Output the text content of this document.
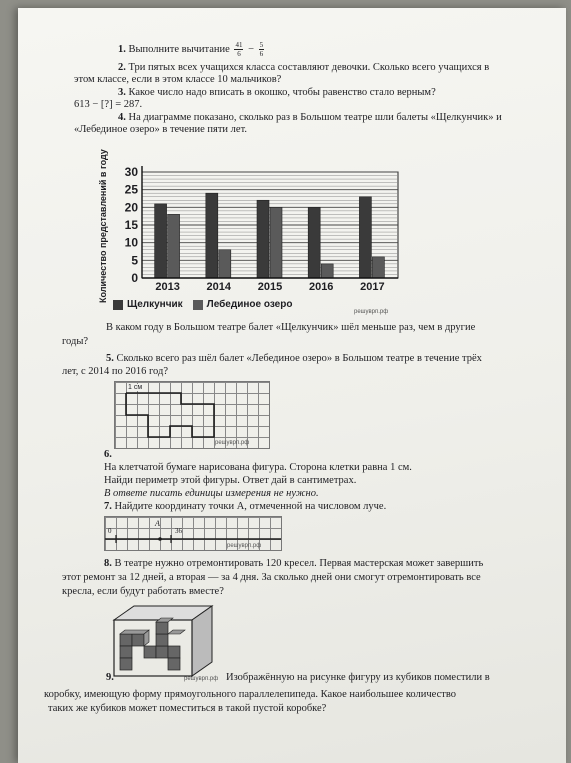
1. Выполните вычитание $\frac{41}{6} - \frac{5}{6}$
2. Три пятых всех учащихся класса составляют девочки. Сколько всего учащихся в
этом классе, если в этом классе 10 мальчиков?
3. Какое число надо вписать в окошко, чтобы равенство стало верным?
613 − [?] = 287.
4. На диаграмме показано, сколько раз в Большом театре шли балеты «Щелкунчик» и
«Лебединое озеро» в течение пяти лет.
Количество представлений в году	0
5
10
15
20
25
30
2013 2014 2015 2016 2017
Щелкунчик Лебединое озеро
решуврп.рф
В каком году в Большом театре балет «Щелкунчик» шёл меньше раз, чем в другие
годы?
5. Сколько всего раз шёл балет «Лебединое озеро» в Большом театре в течение трёх
лет, с 2014 по 2016 год?
1 см
решуврп.рф
6.
На клетчатой бумаге нарисована фигура. Сторона клетки равна 1 см.
Найди периметр этой фигуры. Ответ дай в сантиметрах.
В ответе писать единицы измерения не нужно.
7. Найдите координату точки А, отмеченной на числовом луче.
A
0	36
решуврп.рф
8. В театре нужно отремонтировать 120 кресел. Первая мастерская может завершить
этот ремонт за 12 дней, а вторая — за 4 дня. За сколько дней они смогут отремонтировать все
кресла, если будут работать вместе?
решуврп.рф
9.	Изображённую на рисунке фигуру из кубиков поместили в
коробку, имеющую форму прямоугольного параллелепипеда. Какое наибольшее количество
таких же кубиков может поместиться в такой пустой коробке?
